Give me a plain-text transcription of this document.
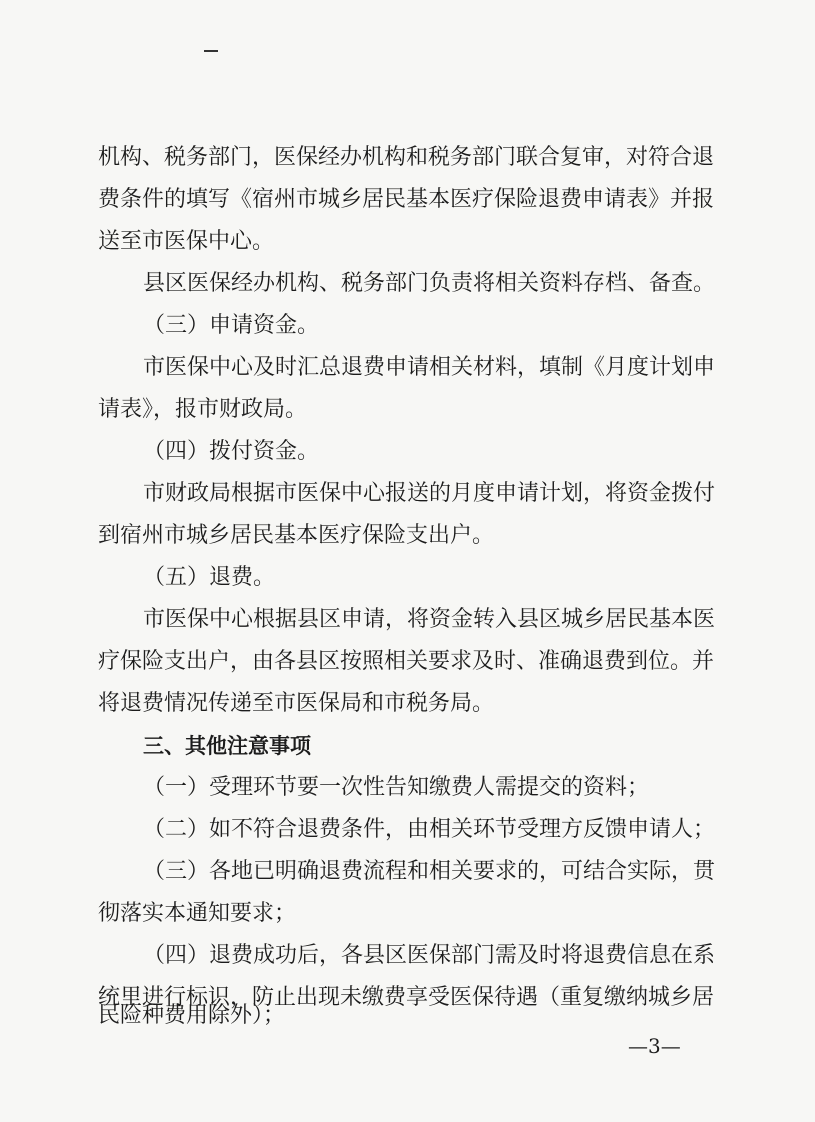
机构、税务部门，医保经办机构和税务部门联合复审，对符合退
费条件的填写《宿州市城乡居民基本医疗保险退费申请表》并报
送至市医保中心。
县区医保经办机构、税务部门负责将相关资料存档、备查。
（三）申请资金。
市医保中心及时汇总退费申请相关材料，填制《月度计划申
请表》，报市财政局。
（四）拨付资金。
市财政局根据市医保中心报送的月度申请计划，将资金拨付
到宿州市城乡居民基本医疗保险支出户。
（五）退费。
市医保中心根据县区申请，将资金转入县区城乡居民基本医
疗保险支出户，由各县区按照相关要求及时、准确退费到位。并
将退费情况传递至市医保局和市税务局。
三、其他注意事项
（一）受理环节要一次性告知缴费人需提交的资料；
（二）如不符合退费条件，由相关环节受理方反馈申请人；
（三）各地已明确退费流程和相关要求的，可结合实际，贯
彻落实本通知要求；
（四）退费成功后，各县区医保部门需及时将退费信息在系
统里进行标识，防止出现未缴费享受医保待遇（重复缴纳城乡居
—3—
民险种费用除外）；
